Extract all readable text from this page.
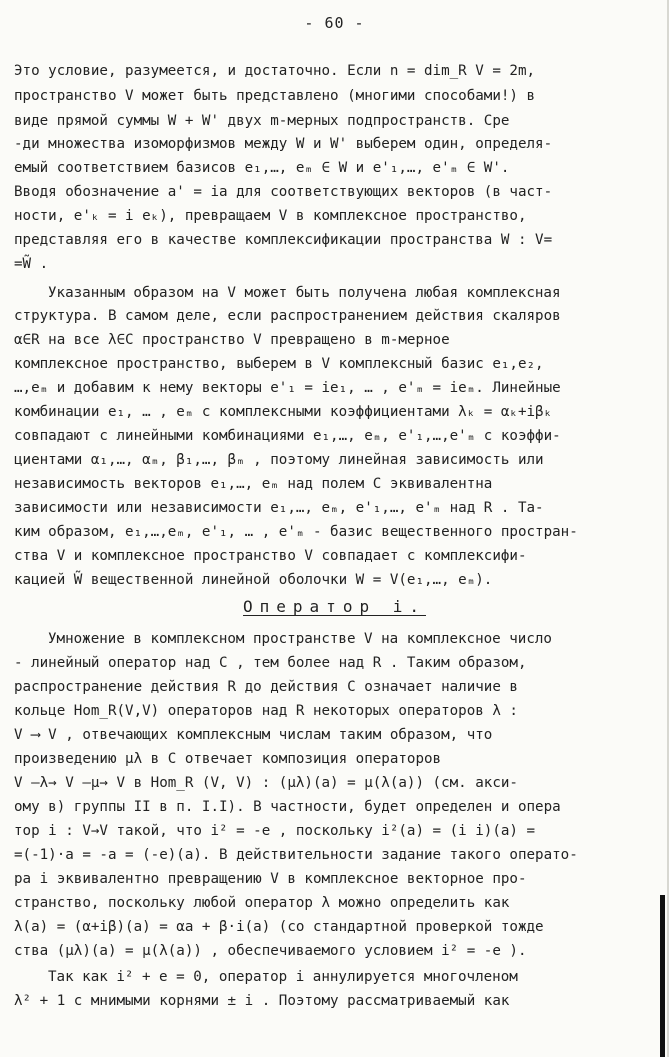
- 60 -
Это условие, разумеется, и достаточно. Если n = dim_R V = 2m,
пространство V может быть представлено (многими способами!) в
виде прямой суммы W + W' двух m-мерных подпространств. Сре
-ди множества изоморфизмов между W и W' выберем один, определя-
емый соответствием базисов e₁,…, eₘ ∈ W и e'₁,…, e'ₘ ∈ W'.
Вводя обозначение a' = ia для соответствующих векторов (в част-
ности, e'ₖ = i eₖ), превращаем V в комплексное пространство,
представляя его в качестве комплексификации пространства W : V=
=W̃ .
Указанным образом на V может быть получена любая комплексная
структура. В самом деле, если распространением действия скаляров
α∈R на все λ∈C пространство V превращено в m-мерное
комплексное пространство, выберем в V комплексный базис e₁,e₂,
…,eₘ и добавим к нему векторы e'₁ = ie₁, … , e'ₘ = ieₘ. Линейные
комбинации e₁, … , eₘ с комплексными коэффициентами λₖ = αₖ+iβₖ
совпадают с линейными комбинациями e₁,…, eₘ, e'₁,…,e'ₘ с коэффи-
циентами α₁,…, αₘ, β₁,…, βₘ , поэтому линейная зависимость или
независимость векторов e₁,…, eₘ над полем C эквивалентна
зависимости или независимости e₁,…, eₘ, e'₁,…, e'ₘ над R . Та-
ким образом, e₁,…,eₘ, e'₁, … , e'ₘ - базис вещественного простран-
ства V и комплексное пространство V совпадает с комплексифи-
кацией W̃ вещественной линейной оболочки W = V(e₁,…, eₘ).
Оператор i.
Умножение в комплексном пространстве V на комплексное число
- линейный оператор над C , тем более над R . Таким образом,
распространение действия R до действия C означает наличие в
кольце Hom_R(V,V) операторов над R некоторых операторов λ :
V ⟶ V , отвечающих комплексным числам таким образом, что
произведению μλ в C отвечает композиция операторов
V —λ→ V —μ→ V в Hom_R (V, V) : (μλ)(a) = μ(λ(a)) (см. акси-
ому в) группы II в п. I.I). В частности, будет определен и опера
тор i : V→V такой, что i² = -e , поскольку i²(a) = (i i)(a) =
=(-1)·a = -a = (-e)(a). В действительности задание такого операто-
ра i эквивалентно превращению V в комплексное векторное про-
странство, поскольку любой оператор λ можно определить как
λ(a) = (α+iβ)(a) = αa + β·i(a) (со стандартной проверкой тожде
ства (μλ)(a) = μ(λ(a)) , обеспечиваемого условием i² = -e ).
Так как i² + e = 0, оператор i аннулируется многочленом
λ² + 1 с мнимыми корнями ± i . Поэтому рассматриваемый как
